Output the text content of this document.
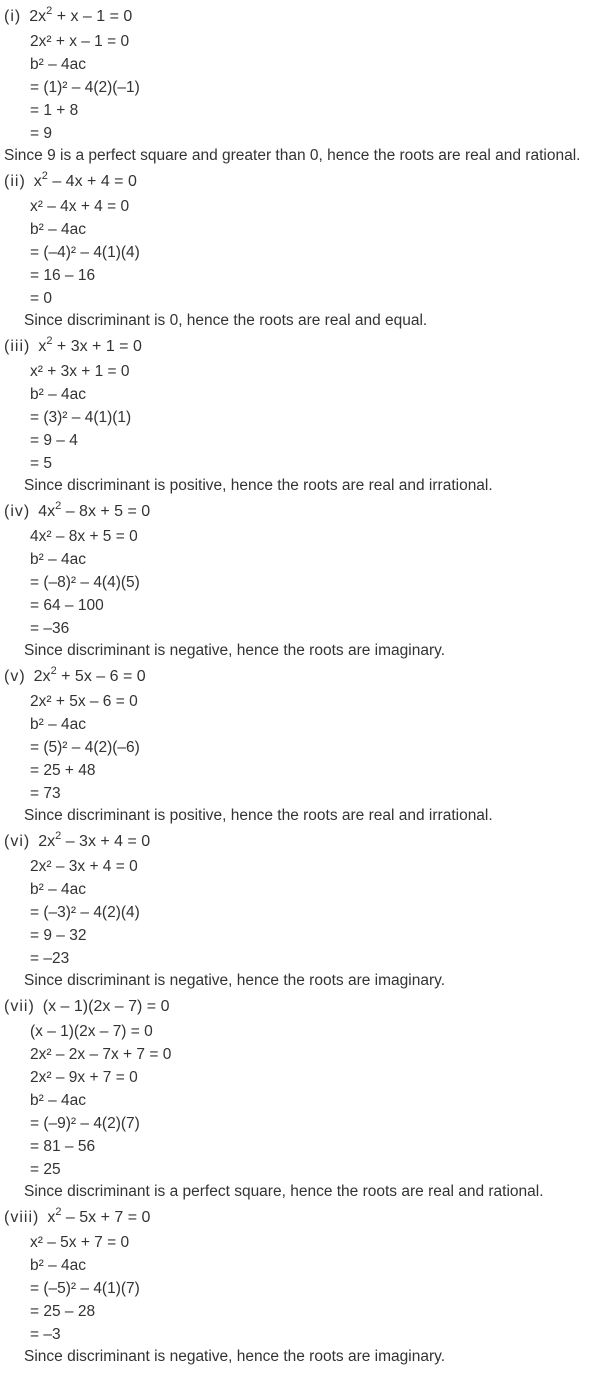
(i) $2x^2 + x - 1 = 0$
2x² + x – 1 = 0
b² – 4ac
= (1)² – 4(2)(–1)
= 1 + 8
= 9
Since 9 is a perfect square and greater than 0, hence the roots are real and rational.
(ii) $x^2 - 4x + 4 = 0$
x² – 4x + 4 = 0
b² – 4ac
= (–4)² – 4(1)(4)
= 16 – 16
= 0
Since discriminant is 0, hence the roots are real and equal.
(iii) $x^2 + 3x + 1 = 0$
x² + 3x + 1 = 0
b² – 4ac
= (3)² – 4(1)(1)
= 9 – 4
= 5
Since discriminant is positive, hence the roots are real and irrational.
(iv) $4x^2 - 8x + 5 = 0$
4x² – 8x + 5 = 0
b² – 4ac
= (–8)² – 4(4)(5)
= 64 – 100
= –36
Since discriminant is negative, hence the roots are imaginary.
(v) $2x^2 + 5x - 6 = 0$
2x² + 5x – 6 = 0
b² – 4ac
= (5)² – 4(2)(–6)
= 25 + 48
= 73
Since discriminant is positive, hence the roots are real and irrational.
(vi) $2x^2 - 3x + 4 = 0$
2x² – 3x + 4 = 0
b² – 4ac
= (–3)² – 4(2)(4)
= 9 – 32
= –23
Since discriminant is negative, hence the roots are imaginary.
(vii) (x – 1)(2x – 7) = 0
(x – 1)(2x – 7) = 0
2x² – 2x – 7x + 7 = 0
2x² – 9x + 7 = 0
b² – 4ac
= (–9)² – 4(2)(7)
= 81 – 56
= 25
Since discriminant is a perfect square, hence the roots are real and rational.
(viii) $x^2 - 5x + 7 = 0$
x² – 5x + 7 = 0
b² – 4ac
= (–5)² – 4(1)(7)
= 25 – 28
= –3
Since discriminant is negative, hence the roots are imaginary.
